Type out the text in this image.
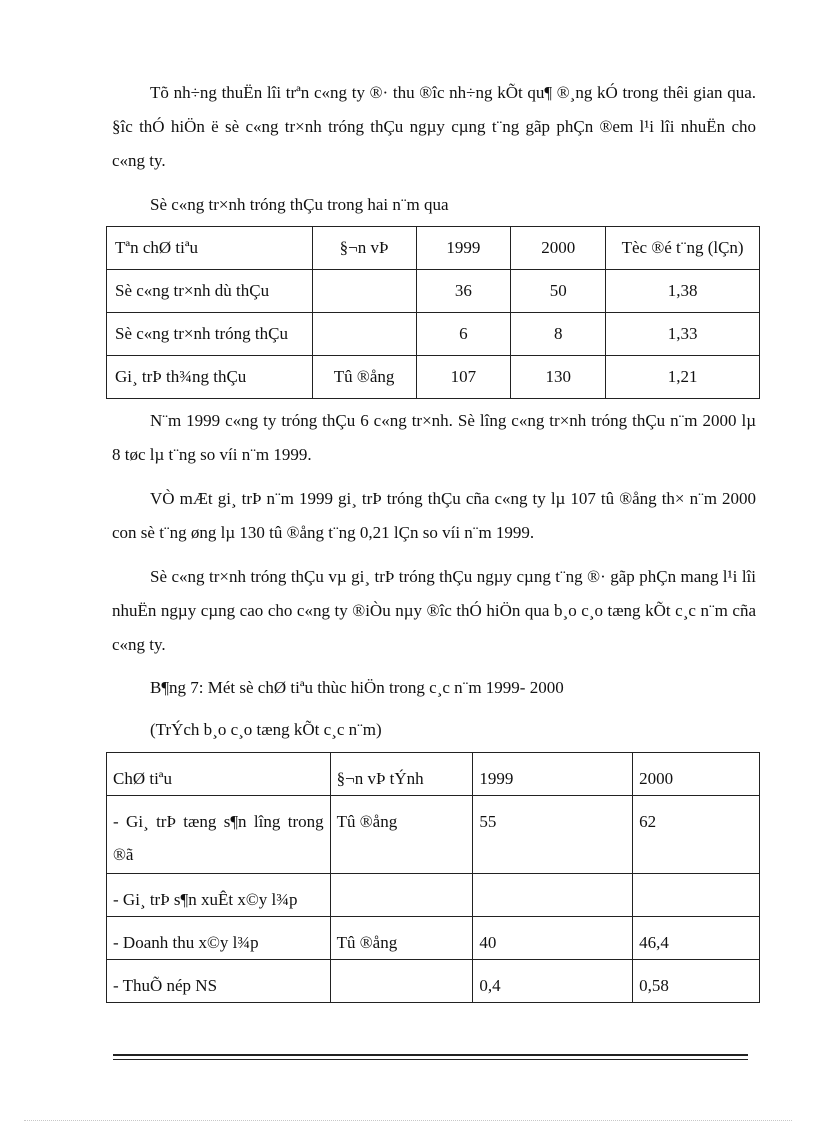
Tõ nh÷ng thuËn lîi trªn c«ng ty ®· thu ®îc nh÷ng kÕt qu¶ ®¸ng kÓ trong thêi gian qua. §îc thÓ hiÖn ë sè c«ng tr×nh tróng thÇu ngµy cµng t¨ng gãp phÇn ®em l¹i lîi nhuËn cho c«ng ty.

Sè c«ng tr×nh tróng thÇu trong hai n¨m qua

Tªn chØ tiªu	§¬n vÞ	1999	2000	Tèc ®é t¨ng (lÇn)
Sè c«ng tr×nh dù thÇu		36	50	1,38
Sè c«ng tr×nh tróng thÇu		6	8	1,33
Gi¸ trÞ th¾ng thÇu	Tû ®ång	107	130	1,21

N¨m 1999 c«ng ty tróng thÇu 6 c«ng tr×nh. Sè lîng c«ng tr×nh tróng thÇu n¨m 2000 lµ 8 tøc lµ t¨ng so víi n¨m 1999.

VÒ mÆt gi¸ trÞ n¨m 1999 gi¸ trÞ tróng thÇu cña c«ng ty lµ 107 tû ®ång th× n¨m 2000 con sè t¨ng øng lµ 130 tû ®ång t¨ng 0,21 lÇn so víi n¨m 1999.

Sè c«ng tr×nh tróng thÇu vµ gi¸ trÞ tróng thÇu ngµy cµng t¨ng ®· gãp phÇn mang l¹i lîi nhuËn ngµy cµng cao cho c«ng ty ®iÒu nµy ®îc thÓ hiÖn qua b¸o c¸o tæng kÕt c¸c n¨m cña c«ng ty.

B¶ng 7: Mét sè chØ tiªu thùc hiÖn trong c¸c n¨m 1999- 2000

(TrÝch b¸o c¸o tæng kÕt c¸c n¨m)

ChØ tiªu	§¬n vÞ tÝnh	1999	2000
- Gi¸ trÞ tæng s¶n lîng trong ®ã	Tû ®ång	55	62
- Gi¸ trÞ s¶n xuÊt x©y l¾p			
- Doanh thu x©y l¾p	Tû ®ång	40	46,4
- ThuÕ nép NS		0,4	0,58
